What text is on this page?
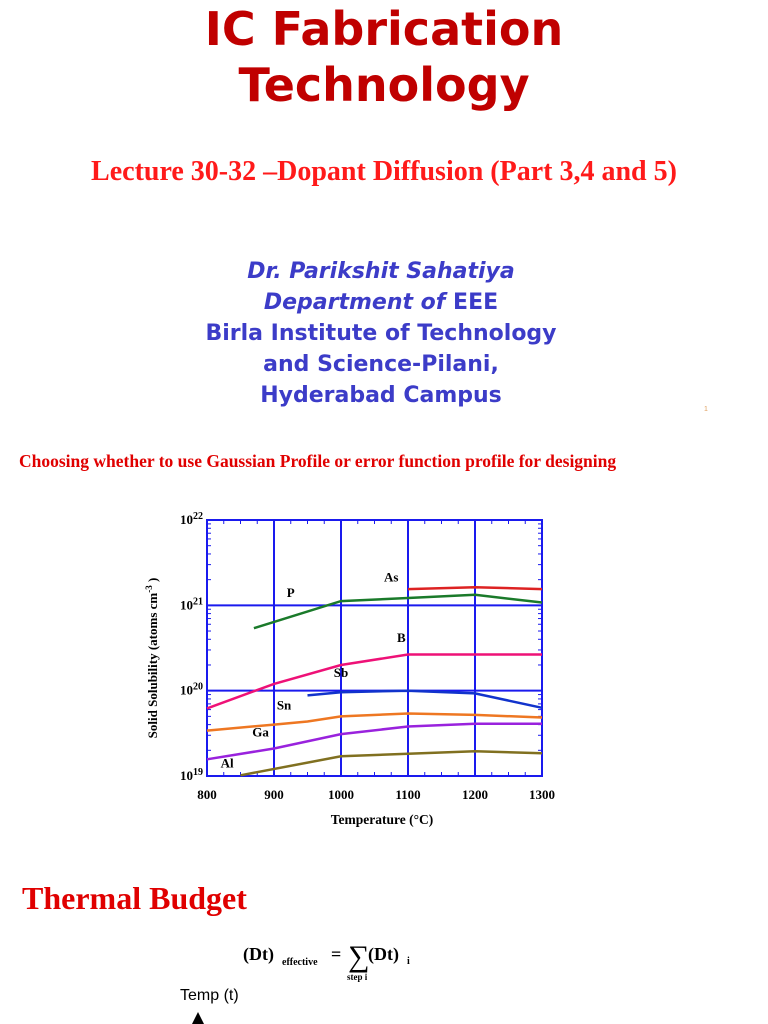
IC Fabrication
Technology

Lecture 30-32 –Dopant Diffusion (Part 3,4 and 5)

Dr. Parikshit Sahatiya

Department of EEE

Birla Institute of Technology

and Science-Pilani,

Hyderabad Campus

1

Choosing whether to use Gaussian Profile or error function profile for designing

800	900	1000	1100	1200	1300
$10^{19}$
$10^{20}$
$10^{21}$
$10^{22}$
As
P
B
Sb
Sn
Ga
Al
Temperature (°C)
Solid Solubility (atoms $cm^{-3}$ )

Thermal Budget

(Dt) effective = ∑
step i
(Dt) i
Temp (t)
